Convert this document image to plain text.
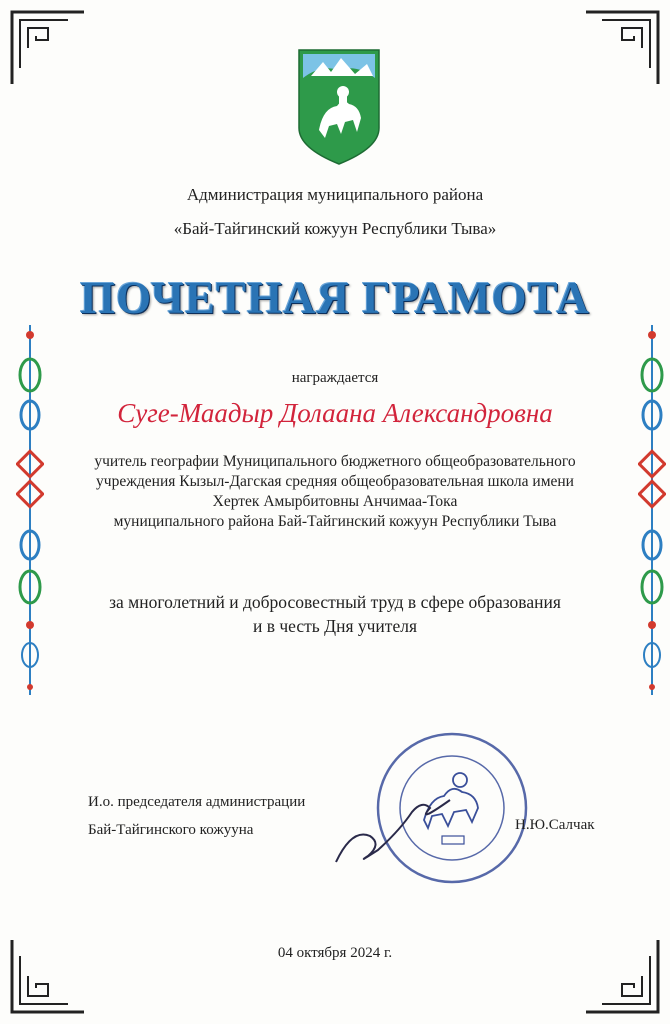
Администрация муниципального района
«Бай-Тайгинский кожуун Республики Тыва»
ПОЧЕТНАЯ ГРАМОТА
награждается
Суге-Маадыр Долаана Александровна
учитель географии Муниципального бюджетного общеобразовательного
учреждения Кызыл-Дагская средняя общеобразовательная школа имени
Хертек Амырбитовны Анчимаа-Тока
муниципального района Бай-Тайгинский кожуун Республики Тыва
за многолетний и добросовестный труд в сфере образования
и в честь Дня учителя
И.о. председателя администрации
Бай-Тайгинского кожууна	Н.Ю.Салчак
04 октября 2024 г.
